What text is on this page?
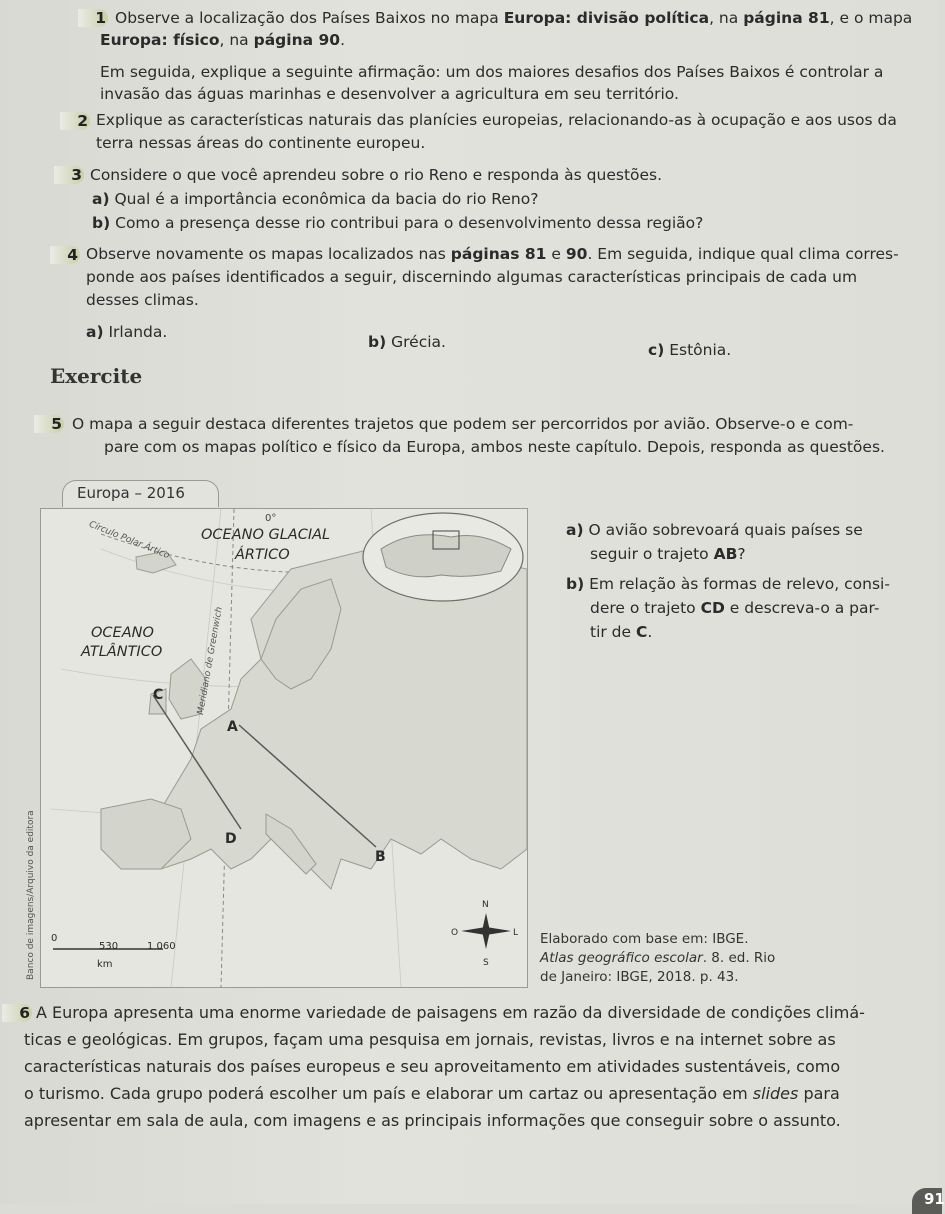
1 Observe a localização dos Países Baixos no mapa Europa: divisão política, na página 81, e o mapa
Europa: físico, na página 90.
Em seguida, explique a seguinte afirmação: um dos maiores desafios dos Países Baixos é controlar a
invasão das águas marinhas e desenvolver a agricultura em seu território.
2 Explique as características naturais das planícies europeias, relacionando-as à ocupação e aos usos da
terra nessas áreas do continente europeu.
3 Considere o que você aprendeu sobre o rio Reno e responda às questões.
a) Qual é a importância econômica da bacia do rio Reno?
b) Como a presença desse rio contribui para o desenvolvimento dessa região?
4 Observe novamente os mapas localizados nas páginas 81 e 90. Em seguida, indique qual clima corres-
ponde aos países identificados a seguir, discernindo algumas características principais de cada um
desses climas.
a) Irlanda.
b) Grécia.	c) Estônia.
Exercite
5 O mapa a seguir destaca diferentes trajetos que podem ser percorridos por avião. Observe-o e com-
pare com os mapas político e físico da Europa, ambos neste capítulo. Depois, responda as questões.
Europa – 2016
OCEANO GLACIAL
ÁRTICO
OCEANO
ATLÂNTICO
Círculo Polar Ártico
Meridiano de Greenwich
0°
A
B
C
D
0
530	1 060
km
N
S
L
O
Banco de imagens/Arquivo da editora
a) O avião sobrevoará quais países se
seguir o trajeto AB?
b) Em relação às formas de relevo, consi-
dere o trajeto CD e descreva-o a par-
tir de C.
Elaborado com base em: IBGE.
Atlas geográfico escolar. 8. ed. Rio
de Janeiro: IBGE, 2018. p. 43.
6 A Europa apresenta uma enorme variedade de paisagens em razão da diversidade de condições climá-
ticas e geológicas. Em grupos, façam uma pesquisa em jornais, revistas, livros e na internet sobre as
características naturais dos países europeus e seu aproveitamento em atividades sustentáveis, como
o turismo. Cada grupo poderá escolher um país e elaborar um cartaz ou apresentação em slides para
apresentar em sala de aula, com imagens e as principais informações que conseguir sobre o assunto.
91
